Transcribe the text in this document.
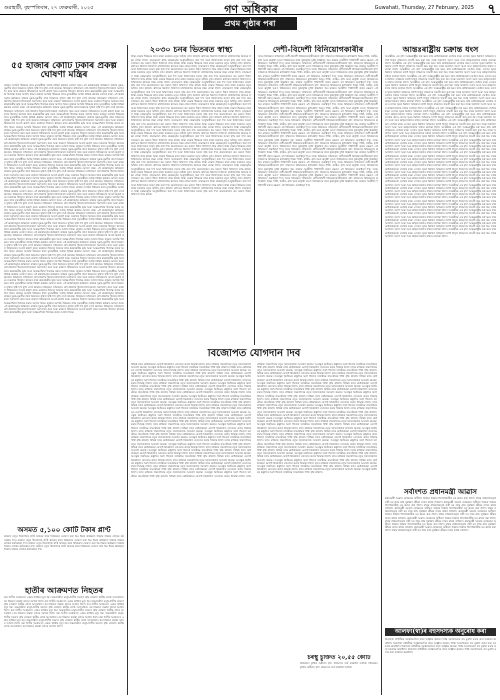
গুৱাহাটী, বৃহস্পতিবাৰ, ২৭ ফেব্ৰুৱাৰী, ২০২৫
দৈনিক
গণ অধিকাৰ	Guwahati, Thursday, 27 February, 2025 ৭
প্ৰথম পৃষ্ঠাৰ পৰা
৫৫ হাজাৰ কোটি টকাৰ প্ৰকল্প ঘোষণা মন্ত্ৰিৰ
ৰাজ্যৰ আৰ্থিক উন্নয়নৰ বাবে মুখ্যমন্ত্ৰীয়ে আজি বিভিন্ন প্ৰকল্পৰ ঘোষণা কৰে। এই প্ৰকল্পসমূহৰ জৰিয়তে ৰাজ্যৰ যুৱক-যুৱতীৰ বাবে নিয়োগৰ সুবিধা সৃষ্টি হ'ব বুলি তেওঁ জানায়। বিনিয়োগ সন্মিলনত দেশ-বিদেশৰ উদ্যোগপতিসকলে অংশগ্ৰহণ কৰে আৰু ৰাজ্যত বিনিয়োগৰ আগ্ৰহ প্ৰকাশ কৰে। চৰকাৰে উদ্যোগ স্থাপনৰ বাবে প্ৰয়োজনীয় ভূমি আৰু আন্তঃগাঁথনি উপলব্ধ কৰাৰ আশ্বাস দিয়ে। ৰাজ্যৰ আৰ্থিক উন্নয়নৰ বাবে মুখ্যমন্ত্ৰীয়ে আজি বিভিন্ন প্ৰকল্পৰ ঘোষণা কৰে। এই প্ৰকল্পসমূহৰ জৰিয়তে ৰাজ্যৰ যুৱক-যুৱতীৰ বাবে নিয়োগৰ সুবিধা সৃষ্টি হ'ব বুলি তেওঁ জানায়। বিনিয়োগ সন্মিলনত দেশ-বিদেশৰ উদ্যোগপতিসকলে অংশগ্ৰহণ কৰে আৰু ৰাজ্যত বিনিয়োগৰ আগ্ৰহ প্ৰকাশ কৰে। চৰকাৰে উদ্যোগ স্থাপনৰ বাবে প্ৰয়োজনীয় ভূমি আৰু আন্তঃগাঁথনি উপলব্ধ কৰাৰ আশ্বাস দিয়ে। ৰাজ্যৰ আৰ্থিক উন্নয়নৰ বাবে মুখ্যমন্ত্ৰীয়ে আজি বিভিন্ন প্ৰকল্পৰ ঘোষণা কৰে। এই প্ৰকল্পসমূহৰ জৰিয়তে ৰাজ্যৰ যুৱক-যুৱতীৰ বাবে নিয়োগৰ সুবিধা সৃষ্টি হ'ব বুলি তেওঁ জানায়। বিনিয়োগ সন্মিলনত দেশ-বিদেশৰ উদ্যোগপতিসকলে অংশগ্ৰহণ কৰে আৰু ৰাজ্যত বিনিয়োগৰ আগ্ৰহ প্ৰকাশ কৰে। চৰকাৰে উদ্যোগ স্থাপনৰ বাবে প্ৰয়োজনীয় ভূমি আৰু আন্তঃগাঁথনি উপলব্ধ কৰাৰ আশ্বাস দিয়ে। ৰাজ্যৰ আৰ্থিক উন্নয়নৰ বাবে মুখ্যমন্ত্ৰীয়ে আজি বিভিন্ন প্ৰকল্পৰ ঘোষণা কৰে। এই প্ৰকল্পসমূহৰ জৰিয়তে ৰাজ্যৰ যুৱক-যুৱতীৰ বাবে নিয়োগৰ সুবিধা সৃষ্টি হ'ব বুলি তেওঁ জানায়। বিনিয়োগ সন্মিলনত দেশ-বিদেশৰ উদ্যোগপতিসকলে অংশগ্ৰহণ কৰে আৰু ৰাজ্যত বিনিয়োগৰ আগ্ৰহ প্ৰকাশ কৰে। চৰকাৰে উদ্যোগ স্থাপনৰ বাবে প্ৰয়োজনীয় ভূমি আৰু আন্তঃগাঁথনি উপলব্ধ কৰাৰ আশ্বাস দিয়ে। ৰাজ্যৰ আৰ্থিক উন্নয়নৰ বাবে মুখ্যমন্ত্ৰীয়ে আজি বিভিন্ন প্ৰকল্পৰ ঘোষণা কৰে। এই প্ৰকল্পসমূহৰ জৰিয়তে ৰাজ্যৰ যুৱক-যুৱতীৰ বাবে নিয়োগৰ সুবিধা সৃষ্টি হ'ব বুলি তেওঁ জানায়। বিনিয়োগ সন্মিলনত দেশ-বিদেশৰ উদ্যোগপতিসকলে অংশগ্ৰহণ কৰে আৰু ৰাজ্যত বিনিয়োগৰ আগ্ৰহ প্ৰকাশ কৰে। চৰকাৰে উদ্যোগ স্থাপনৰ বাবে প্ৰয়োজনীয় ভূমি আৰু আন্তঃগাঁথনি উপলব্ধ কৰাৰ আশ্বাস দিয়ে। ৰাজ্যৰ আৰ্থিক উন্নয়নৰ বাবে মুখ্যমন্ত্ৰীয়ে আজি বিভিন্ন প্ৰকল্পৰ ঘোষণা কৰে। এই প্ৰকল্পসমূহৰ জৰিয়তে ৰাজ্যৰ যুৱক-যুৱতীৰ বাবে নিয়োগৰ সুবিধা সৃষ্টি হ'ব বুলি তেওঁ জানায়। বিনিয়োগ সন্মিলনত দেশ-বিদেশৰ উদ্যোগপতিসকলে অংশগ্ৰহণ কৰে আৰু ৰাজ্যত বিনিয়োগৰ আগ্ৰহ প্ৰকাশ কৰে। চৰকাৰে উদ্যোগ স্থাপনৰ বাবে প্ৰয়োজনীয় ভূমি আৰু আন্তঃগাঁথনি উপলব্ধ কৰাৰ আশ্বাস দিয়ে। ৰাজ্যৰ আৰ্থিক উন্নয়নৰ বাবে মুখ্যমন্ত্ৰীয়ে আজি বিভিন্ন প্ৰকল্পৰ ঘোষণা কৰে। এই প্ৰকল্পসমূহৰ জৰিয়তে ৰাজ্যৰ যুৱক-যুৱতীৰ বাবে নিয়োগৰ সুবিধা সৃষ্টি হ'ব বুলি তেওঁ জানায়। বিনিয়োগ সন্মিলনত দেশ-বিদেশৰ উদ্যোগপতিসকলে অংশগ্ৰহণ কৰে আৰু ৰাজ্যত বিনিয়োগৰ আগ্ৰহ প্ৰকাশ কৰে। চৰকাৰে উদ্যোগ স্থাপনৰ বাবে প্ৰয়োজনীয় ভূমি আৰু আন্তঃগাঁথনি উপলব্ধ কৰাৰ আশ্বাস দিয়ে। ৰাজ্যৰ আৰ্থিক উন্নয়নৰ বাবে মুখ্যমন্ত্ৰীয়ে আজি বিভিন্ন প্ৰকল্পৰ ঘোষণা কৰে। এই প্ৰকল্পসমূহৰ জৰিয়তে ৰাজ্যৰ যুৱক-যুৱতীৰ বাবে নিয়োগৰ সুবিধা সৃষ্টি হ'ব বুলি তেওঁ জানায়। বিনিয়োগ সন্মিলনত দেশ-বিদেশৰ উদ্যোগপতিসকলে অংশগ্ৰহণ কৰে আৰু ৰাজ্যত বিনিয়োগৰ আগ্ৰহ প্ৰকাশ কৰে। চৰকাৰে উদ্যোগ স্থাপনৰ বাবে প্ৰয়োজনীয় ভূমি আৰু আন্তঃগাঁথনি উপলব্ধ কৰাৰ আশ্বাস দিয়ে। ৰাজ্যৰ আৰ্থিক উন্নয়নৰ বাবে মুখ্যমন্ত্ৰীয়ে আজি বিভিন্ন প্ৰকল্পৰ ঘোষণা কৰে। এই প্ৰকল্পসমূহৰ জৰিয়তে ৰাজ্যৰ যুৱক-যুৱতীৰ বাবে নিয়োগৰ সুবিধা সৃষ্টি হ'ব বুলি তেওঁ জানায়। বিনিয়োগ সন্মিলনত দেশ-বিদেশৰ উদ্যোগপতিসকলে অংশগ্ৰহণ কৰে আৰু ৰাজ্যত বিনিয়োগৰ আগ্ৰহ প্ৰকাশ কৰে। চৰকাৰে উদ্যোগ স্থাপনৰ বাবে প্ৰয়োজনীয় ভূমি আৰু আন্তঃগাঁথনি উপলব্ধ কৰাৰ আশ্বাস দিয়ে। ৰাজ্যৰ আৰ্থিক উন্নয়নৰ বাবে মুখ্যমন্ত্ৰীয়ে আজি বিভিন্ন প্ৰকল্পৰ ঘোষণা কৰে। এই প্ৰকল্পসমূহৰ জৰিয়তে ৰাজ্যৰ যুৱক-যুৱতীৰ বাবে নিয়োগৰ সুবিধা সৃষ্টি হ'ব বুলি তেওঁ জানায়। বিনিয়োগ সন্মিলনত দেশ-বিদেশৰ উদ্যোগপতিসকলে অংশগ্ৰহণ কৰে আৰু ৰাজ্যত বিনিয়োগৰ আগ্ৰহ প্ৰকাশ কৰে। চৰকাৰে উদ্যোগ স্থাপনৰ বাবে প্ৰয়োজনীয় ভূমি আৰু আন্তঃগাঁথনি উপলব্ধ কৰাৰ আশ্বাস দিয়ে। ৰাজ্যৰ আৰ্থিক উন্নয়নৰ বাবে মুখ্যমন্ত্ৰীয়ে আজি বিভিন্ন প্ৰকল্পৰ ঘোষণা কৰে। এই প্ৰকল্পসমূহৰ জৰিয়তে ৰাজ্যৰ যুৱক-যুৱতীৰ বাবে নিয়োগৰ সুবিধা সৃষ্টি হ'ব বুলি তেওঁ জানায়। বিনিয়োগ সন্মিলনত দেশ-বিদেশৰ উদ্যোগপতিসকলে অংশগ্ৰহণ কৰে আৰু ৰাজ্যত বিনিয়োগৰ আগ্ৰহ প্ৰকাশ কৰে। চৰকাৰে উদ্যোগ স্থাপনৰ বাবে প্ৰয়োজনীয় ভূমি আৰু আন্তঃগাঁথনি উপলব্ধ কৰাৰ আশ্বাস দিয়ে। ৰাজ্যৰ আৰ্থিক উন্নয়নৰ বাবে মুখ্যমন্ত্ৰীয়ে আজি বিভিন্ন প্ৰকল্পৰ ঘোষণা কৰে। এই প্ৰকল্পসমূহৰ জৰিয়তে ৰাজ্যৰ যুৱক-যুৱতীৰ বাবে নিয়োগৰ সুবিধা সৃষ্টি হ'ব বুলি তেওঁ জানায়। বিনিয়োগ সন্মিলনত দেশ-বিদেশৰ উদ্যোগপতিসকলে অংশগ্ৰহণ কৰে আৰু ৰাজ্যত বিনিয়োগৰ আগ্ৰহ প্ৰকাশ কৰে। চৰকাৰে উদ্যোগ স্থাপনৰ বাবে প্ৰয়োজনীয় ভূমি আৰু আন্তঃগাঁথনি উপলব্ধ কৰাৰ আশ্বাস দিয়ে। ৰাজ্যৰ আৰ্থিক উন্নয়নৰ বাবে মুখ্যমন্ত্ৰীয়ে আজি বিভিন্ন প্ৰকল্পৰ ঘোষণা কৰে। এই প্ৰকল্পসমূহৰ জৰিয়তে ৰাজ্যৰ যুৱক-যুৱতীৰ বাবে নিয়োগৰ সুবিধা সৃষ্টি হ'ব বুলি তেওঁ জানায়। বিনিয়োগ সন্মিলনত দেশ-বিদেশৰ উদ্যোগপতিসকলে অংশগ্ৰহণ কৰে আৰু ৰাজ্যত বিনিয়োগৰ আগ্ৰহ প্ৰকাশ কৰে। চৰকাৰে উদ্যোগ স্থাপনৰ বাবে প্ৰয়োজনীয় ভূমি আৰু আন্তঃগাঁথনি উপলব্ধ কৰাৰ আশ্বাস দিয়ে। ৰাজ্যৰ আৰ্থিক উন্নয়নৰ বাবে মুখ্যমন্ত্ৰীয়ে আজি বিভিন্ন প্ৰকল্পৰ ঘোষণা কৰে। এই প্ৰকল্পসমূহৰ জৰিয়তে ৰাজ্যৰ যুৱক-যুৱতীৰ বাবে নিয়োগৰ সুবিধা সৃষ্টি হ'ব বুলি তেওঁ জানায়। বিনিয়োগ সন্মিলনত দেশ-বিদেশৰ উদ্যোগপতিসকলে অংশগ্ৰহণ কৰে আৰু ৰাজ্যত বিনিয়োগৰ আগ্ৰহ প্ৰকাশ কৰে। চৰকাৰে উদ্যোগ স্থাপনৰ বাবে প্ৰয়োজনীয় ভূমি আৰু আন্তঃগাঁথনি উপলব্ধ কৰাৰ আশ্বাস দিয়ে। ৰাজ্যৰ আৰ্থিক উন্নয়নৰ বাবে মুখ্যমন্ত্ৰীয়ে আজি বিভিন্ন প্ৰকল্পৰ ঘোষণা কৰে। এই প্ৰকল্পসমূহৰ জৰিয়তে ৰাজ্যৰ যুৱক-যুৱতীৰ বাবে নিয়োগৰ সুবিধা সৃষ্টি হ'ব বুলি তেওঁ জানায়। বিনিয়োগ সন্মিলনত দেশ-বিদেশৰ উদ্যোগপতিসকলে অংশগ্ৰহণ কৰে আৰু ৰাজ্যত বিনিয়োগৰ আগ্ৰহ প্ৰকাশ কৰে। চৰকাৰে উদ্যোগ স্থাপনৰ বাবে প্ৰয়োজনীয় ভূমি আৰু আন্তঃগাঁথনি উপলব্ধ কৰাৰ আশ্বাস দিয়ে। ৰাজ্যৰ আৰ্থিক উন্নয়নৰ বাবে মুখ্যমন্ত্ৰীয়ে আজি বিভিন্ন প্ৰকল্পৰ ঘোষণা কৰে। এই প্ৰকল্পসমূহৰ জৰিয়তে ৰাজ্যৰ যুৱক-যুৱতীৰ বাবে নিয়োগৰ সুবিধা সৃষ্টি হ'ব বুলি তেওঁ জানায়। বিনিয়োগ সন্মিলনত দেশ-বিদেশৰ উদ্যোগপতিসকলে অংশগ্ৰহণ কৰে আৰু ৰাজ্যত বিনিয়োগৰ আগ্ৰহ প্ৰকাশ কৰে। চৰকাৰে উদ্যোগ স্থাপনৰ বাবে প্ৰয়োজনীয় ভূমি আৰু আন্তঃগাঁথনি উপলব্ধ কৰাৰ আশ্বাস দিয়ে। ৰাজ্যৰ আৰ্থিক উন্নয়নৰ বাবে মুখ্যমন্ত্ৰীয়ে আজি বিভিন্ন প্ৰকল্পৰ ঘোষণা কৰে। এই প্ৰকল্পসমূহৰ জৰিয়তে ৰাজ্যৰ যুৱক-যুৱতীৰ বাবে নিয়োগৰ সুবিধা সৃষ্টি হ'ব বুলি তেওঁ জানায়। বিনিয়োগ সন্মিলনত দেশ-বিদেশৰ উদ্যোগপতিসকলে অংশগ্ৰহণ কৰে আৰু ৰাজ্যত বিনিয়োগৰ আগ্ৰহ প্ৰকাশ কৰে। চৰকাৰে উদ্যোগ স্থাপনৰ বাবে প্ৰয়োজনীয় ভূমি আৰু আন্তঃগাঁথনি উপলব্ধ কৰাৰ আশ্বাস দিয়ে। ৰাজ্যৰ আৰ্থিক উন্নয়নৰ বাবে মুখ্যমন্ত্ৰীয়ে আজি বিভিন্ন প্ৰকল্পৰ ঘোষণা কৰে। এই প্ৰকল্পসমূহৰ জৰিয়তে ৰাজ্যৰ যুৱক-যুৱতীৰ বাবে নিয়োগৰ সুবিধা সৃষ্টি হ'ব বুলি তেওঁ জানায়। বিনিয়োগ সন্মিলনত দেশ-বিদেশৰ উদ্যোগপতিসকলে অংশগ্ৰহণ কৰে আৰু ৰাজ্যত বিনিয়োগৰ আগ্ৰহ প্ৰকাশ কৰে। চৰকাৰে উদ্যোগ স্থাপনৰ বাবে প্ৰয়োজনীয় ভূমি আৰু আন্তঃগাঁথনি উপলব্ধ কৰাৰ আশ্বাস দিয়ে। ৰাজ্যৰ আৰ্থিক উন্নয়নৰ বাবে মুখ্যমন্ত্ৰীয়ে আজি বিভিন্ন প্ৰকল্পৰ ঘোষণা কৰে। এই প্ৰকল্পসমূহৰ জৰিয়তে ৰাজ্যৰ যুৱক-যুৱতীৰ বাবে নিয়োগৰ সুবিধা সৃষ্টি হ'ব বুলি তেওঁ জানায়। বিনিয়োগ সন্মিলনত দেশ-বিদেশৰ উদ্যোগপতিসকলে অংশগ্ৰহণ কৰে আৰু ৰাজ্যত বিনিয়োগৰ আগ্ৰহ প্ৰকাশ কৰে। চৰকাৰে উদ্যোগ স্থাপনৰ বাবে প্ৰয়োজনীয় ভূমি আৰু আন্তঃগাঁথনি উপলব্ধ কৰাৰ আশ্বাস দিয়ে। ৰাজ্যৰ আৰ্থিক উন্নয়নৰ বাবে মুখ্যমন্ত্ৰীয়ে আজি বিভিন্ন প্ৰকল্পৰ ঘোষণা কৰে। এই প্ৰকল্পসমূহৰ জৰিয়তে ৰাজ্যৰ যুৱক-যুৱতীৰ বাবে নিয়োগৰ সুবিধা সৃষ্টি হ'ব বুলি তেওঁ জানায়। বিনিয়োগ সন্মিলনত দেশ-বিদেশৰ উদ্যোগপতিসকলে অংশগ্ৰহণ কৰে আৰু ৰাজ্যত বিনিয়োগৰ আগ্ৰহ প্ৰকাশ কৰে। চৰকাৰে উদ্যোগ স্থাপনৰ বাবে প্ৰয়োজনীয় ভূমি আৰু আন্তঃগাঁথনি উপলব্ধ কৰাৰ আশ্বাস দিয়ে। ৰাজ্যৰ আৰ্থিক উন্নয়নৰ বাবে মুখ্যমন্ত্ৰীয়ে আজি বিভিন্ন প্ৰকল্পৰ ঘোষণা কৰে। এই প্ৰকল্পসমূহৰ জৰিয়তে ৰাজ্যৰ যুৱক-যুৱতীৰ বাবে নিয়োগৰ সুবিধা সৃষ্টি হ'ব বুলি তেওঁ জানায়। বিনিয়োগ সন্মিলনত দেশ-বিদেশৰ উদ্যোগপতিসকলে অংশগ্ৰহণ কৰে আৰু ৰাজ্যত বিনিয়োগৰ আগ্ৰহ প্ৰকাশ কৰে। চৰকাৰে উদ্যোগ স্থাপনৰ বাবে প্ৰয়োজনীয় ভূমি আৰু আন্তঃগাঁথনি উপলব্ধ কৰাৰ আশ্বাস দিয়ে। ৰাজ্যৰ আৰ্থিক উন্নয়নৰ বাবে মুখ্যমন্ত্ৰীয়ে আজি বিভিন্ন প্ৰকল্পৰ ঘোষণা কৰে। এই প্ৰকল্পসমূহৰ জৰিয়তে ৰাজ্যৰ যুৱক-যুৱতীৰ বাবে নিয়োগৰ সুবিধা সৃষ্টি হ'ব বুলি তেওঁ জানায়। বিনিয়োগ সন্মিলনত দেশ-বিদেশৰ উদ্যোগপতিসকলে অংশগ্ৰহণ কৰে আৰু ৰাজ্যত বিনিয়োগৰ আগ্ৰহ প্ৰকাশ কৰে। চৰকাৰে উদ্যোগ স্থাপনৰ বাবে প্ৰয়োজনীয় ভূমি আৰু আন্তঃগাঁথনি উপলব্ধ কৰাৰ আশ্বাস দিয়ে।
অসমত ৫,১০০ কোটি টকাৰ প্লাণ্ট
ৰাজ্যত নতুন উদ্যোগিক প্লাণ্ট স্থাপনৰ বাবে বিনিয়োগ ঘোষণা কৰা হয়। ইয়াৰ জৰিয়তে হাজাৰ হাজাৰ লোকৰ কৰ্মসংস্থান হ'ব। ৰাজ্যত নতুন উদ্যোগিক প্লাণ্ট স্থাপনৰ বাবে বিনিয়োগ ঘোষণা কৰা হয়। ইয়াৰ জৰিয়তে হাজাৰ হাজাৰ লোকৰ কৰ্মসংস্থান হ'ব। ৰাজ্যত নতুন উদ্যোগিক প্লাণ্ট স্থাপনৰ বাবে বিনিয়োগ ঘোষণা কৰা হয়। ইয়াৰ জৰিয়তে হাজাৰ হাজাৰ লোকৰ কৰ্মসংস্থান হ'ব। ৰাজ্যত নতুন উদ্যোগিক প্লাণ্ট স্থাপনৰ বাবে বিনিয়োগ ঘোষণা কৰা হয়। ইয়াৰ জৰিয়তে হাজাৰ হাজাৰ লোকৰ কৰ্মসংস্থান হ'ব।
হাতীৰ আক্ৰমণত নিহতৰ
বন্য হাতীৰ আক্ৰমণত এজন ব্যক্তিৰ মৃত্যু হয়। অঞ্চলটোত মানুহ-হাতীৰ সংঘাত বৃদ্ধি পোৱাত স্থানীয় লোক আতংকিত। বন বিভাগে ব্যৱস্থা গ্ৰহণৰ আশ্বাস দিছে। বন্য হাতীৰ আক্ৰমণত এজন ব্যক্তিৰ মৃত্যু হয়। অঞ্চলটোত মানুহ-হাতীৰ সংঘাত বৃদ্ধি পোৱাত স্থানীয় লোক আতংকিত। বন বিভাগে ব্যৱস্থা গ্ৰহণৰ আশ্বাস দিছে। বন্য হাতীৰ আক্ৰমণত এজন ব্যক্তিৰ মৃত্যু হয়। অঞ্চলটোত মানুহ-হাতীৰ সংঘাত বৃদ্ধি পোৱাত স্থানীয় লোক আতংকিত। বন বিভাগে ব্যৱস্থা গ্ৰহণৰ আশ্বাস দিছে। বন্য হাতীৰ আক্ৰমণত এজন ব্যক্তিৰ মৃত্যু হয়। অঞ্চলটোত মানুহ-হাতীৰ সংঘাত বৃদ্ধি পোৱাত স্থানীয় লোক আতংকিত। বন বিভাগে ব্যৱস্থা গ্ৰহণৰ আশ্বাস দিছে। বন্য হাতীৰ আক্ৰমণত এজন ব্যক্তিৰ মৃত্যু হয়। অঞ্চলটোত মানুহ-হাতীৰ সংঘাত বৃদ্ধি পোৱাত স্থানীয় লোক আতংকিত। বন বিভাগে ব্যৱস্থা গ্ৰহণৰ আশ্বাস দিছে। বন্য হাতীৰ আক্ৰমণত এজন ব্যক্তিৰ মৃত্যু হয়। অঞ্চলটোত মানুহ-হাতীৰ সংঘাত বৃদ্ধি পোৱাত স্থানীয় লোক আতংকিত। বন বিভাগে ব্যৱস্থা গ্ৰহণৰ আশ্বাস দিছে। বন্য হাতীৰ আক্ৰমণত এজন ব্যক্তিৰ মৃত্যু হয়। অঞ্চলটোত মানুহ-হাতীৰ সংঘাত বৃদ্ধি পোৱাত স্থানীয় লোক আতংকিত। বন বিভাগে ব্যৱস্থা গ্ৰহণৰ আশ্বাস দিছে।
২০৩০ চনৰ ভিতৰত স্বাস্থ্য
স্বাস্থ্য সেৱাৰ উন্নয়নৰ বাবে ৰাজ্য চৰকাৰে নতুন আঁচনি গ্ৰহণ কৰিছে। প্ৰতিখন জিলাত চিকিৎসা মহাবিদ্যালয় স্থাপনৰ লক্ষ্য লোৱা হৈছে। গ্ৰামাঞ্চলত স্বাস্থ্য কেন্দ্ৰসমূহৰ আধুনিকীকৰণ কৰা হ'ব আৰু চিকিৎসকৰ সংখ্যা বৃদ্ধি কৰা হ'ব। জনসাধাৰণে কম খৰচত উন্নত চিকিৎসা লাভ কৰিব। স্বাস্থ্য সেৱাৰ উন্নয়নৰ বাবে ৰাজ্য চৰকাৰে নতুন আঁচনি গ্ৰহণ কৰিছে। প্ৰতিখন জিলাত চিকিৎসা মহাবিদ্যালয় স্থাপনৰ লক্ষ্য লোৱা হৈছে। গ্ৰামাঞ্চলত স্বাস্থ্য কেন্দ্ৰসমূহৰ আধুনিকীকৰণ কৰা হ'ব আৰু চিকিৎসকৰ সংখ্যা বৃদ্ধি কৰা হ'ব। জনসাধাৰণে কম খৰচত উন্নত চিকিৎসা লাভ কৰিব। স্বাস্থ্য সেৱাৰ উন্নয়নৰ বাবে ৰাজ্য চৰকাৰে নতুন আঁচনি গ্ৰহণ কৰিছে। প্ৰতিখন জিলাত চিকিৎসা মহাবিদ্যালয় স্থাপনৰ লক্ষ্য লোৱা হৈছে। গ্ৰামাঞ্চলত স্বাস্থ্য কেন্দ্ৰসমূহৰ আধুনিকীকৰণ কৰা হ'ব আৰু চিকিৎসকৰ সংখ্যা বৃদ্ধি কৰা হ'ব। জনসাধাৰণে কম খৰচত উন্নত চিকিৎসা লাভ কৰিব। স্বাস্থ্য সেৱাৰ উন্নয়নৰ বাবে ৰাজ্য চৰকাৰে নতুন আঁচনি গ্ৰহণ কৰিছে। প্ৰতিখন জিলাত চিকিৎসা মহাবিদ্যালয় স্থাপনৰ লক্ষ্য লোৱা হৈছে। গ্ৰামাঞ্চলত স্বাস্থ্য কেন্দ্ৰসমূহৰ আধুনিকীকৰণ কৰা হ'ব আৰু চিকিৎসকৰ সংখ্যা বৃদ্ধি কৰা হ'ব। জনসাধাৰণে কম খৰচত উন্নত চিকিৎসা লাভ কৰিব। স্বাস্থ্য সেৱাৰ উন্নয়নৰ বাবে ৰাজ্য চৰকাৰে নতুন আঁচনি গ্ৰহণ কৰিছে। প্ৰতিখন জিলাত চিকিৎসা মহাবিদ্যালয় স্থাপনৰ লক্ষ্য লোৱা হৈছে। গ্ৰামাঞ্চলত স্বাস্থ্য কেন্দ্ৰসমূহৰ আধুনিকীকৰণ কৰা হ'ব আৰু চিকিৎসকৰ সংখ্যা বৃদ্ধি কৰা হ'ব। জনসাধাৰণে কম খৰচত উন্নত চিকিৎসা লাভ কৰিব। স্বাস্থ্য সেৱাৰ উন্নয়নৰ বাবে ৰাজ্য চৰকাৰে নতুন আঁচনি গ্ৰহণ কৰিছে। প্ৰতিখন জিলাত চিকিৎসা মহাবিদ্যালয় স্থাপনৰ লক্ষ্য লোৱা হৈছে। গ্ৰামাঞ্চলত স্বাস্থ্য কেন্দ্ৰসমূহৰ আধুনিকীকৰণ কৰা হ'ব আৰু চিকিৎসকৰ সংখ্যা বৃদ্ধি কৰা হ'ব। জনসাধাৰণে কম খৰচত উন্নত চিকিৎসা লাভ কৰিব। স্বাস্থ্য সেৱাৰ উন্নয়নৰ বাবে ৰাজ্য চৰকাৰে নতুন আঁচনি গ্ৰহণ কৰিছে। প্ৰতিখন জিলাত চিকিৎসা মহাবিদ্যালয় স্থাপনৰ লক্ষ্য লোৱা হৈছে। গ্ৰামাঞ্চলত স্বাস্থ্য কেন্দ্ৰসমূহৰ আধুনিকীকৰণ কৰা হ'ব আৰু চিকিৎসকৰ সংখ্যা বৃদ্ধি কৰা হ'ব। জনসাধাৰণে কম খৰচত উন্নত চিকিৎসা লাভ কৰিব। স্বাস্থ্য সেৱাৰ উন্নয়নৰ বাবে ৰাজ্য চৰকাৰে নতুন আঁচনি গ্ৰহণ কৰিছে। প্ৰতিখন জিলাত চিকিৎসা মহাবিদ্যালয় স্থাপনৰ লক্ষ্য লোৱা হৈছে। গ্ৰামাঞ্চলত স্বাস্থ্য কেন্দ্ৰসমূহৰ আধুনিকীকৰণ কৰা হ'ব আৰু চিকিৎসকৰ সংখ্যা বৃদ্ধি কৰা হ'ব। জনসাধাৰণে কম খৰচত উন্নত চিকিৎসা লাভ কৰিব। স্বাস্থ্য সেৱাৰ উন্নয়নৰ বাবে ৰাজ্য চৰকাৰে নতুন আঁচনি গ্ৰহণ কৰিছে। প্ৰতিখন জিলাত চিকিৎসা মহাবিদ্যালয় স্থাপনৰ লক্ষ্য লোৱা হৈছে। গ্ৰামাঞ্চলত স্বাস্থ্য কেন্দ্ৰসমূহৰ আধুনিকীকৰণ কৰা হ'ব আৰু চিকিৎসকৰ সংখ্যা বৃদ্ধি কৰা হ'ব। জনসাধাৰণে কম খৰচত উন্নত চিকিৎসা লাভ কৰিব। স্বাস্থ্য সেৱাৰ উন্নয়নৰ বাবে ৰাজ্য চৰকাৰে নতুন আঁচনি গ্ৰহণ কৰিছে। প্ৰতিখন জিলাত চিকিৎসা মহাবিদ্যালয় স্থাপনৰ লক্ষ্য লোৱা হৈছে। গ্ৰামাঞ্চলত স্বাস্থ্য কেন্দ্ৰসমূহৰ আধুনিকীকৰণ কৰা হ'ব আৰু চিকিৎসকৰ সংখ্যা বৃদ্ধি কৰা হ'ব। জনসাধাৰণে কম খৰচত উন্নত চিকিৎসা লাভ কৰিব। স্বাস্থ্য সেৱাৰ উন্নয়নৰ বাবে ৰাজ্য চৰকাৰে নতুন আঁচনি গ্ৰহণ কৰিছে। প্ৰতিখন জিলাত চিকিৎসা মহাবিদ্যালয় স্থাপনৰ লক্ষ্য লোৱা হৈছে। গ্ৰামাঞ্চলত স্বাস্থ্য কেন্দ্ৰসমূহৰ আধুনিকীকৰণ কৰা হ'ব আৰু চিকিৎসকৰ সংখ্যা বৃদ্ধি কৰা হ'ব। জনসাধাৰণে কম খৰচত উন্নত চিকিৎসা লাভ কৰিব। স্বাস্থ্য সেৱাৰ উন্নয়নৰ বাবে ৰাজ্য চৰকাৰে নতুন আঁচনি গ্ৰহণ কৰিছে। প্ৰতিখন জিলাত চিকিৎসা মহাবিদ্যালয় স্থাপনৰ লক্ষ্য লোৱা হৈছে। গ্ৰামাঞ্চলত স্বাস্থ্য কেন্দ্ৰসমূহৰ আধুনিকীকৰণ কৰা হ'ব আৰু চিকিৎসকৰ সংখ্যা বৃদ্ধি কৰা হ'ব। জনসাধাৰণে কম খৰচত উন্নত চিকিৎসা লাভ কৰিব। স্বাস্থ্য সেৱাৰ উন্নয়নৰ বাবে ৰাজ্য চৰকাৰে নতুন আঁচনি গ্ৰহণ কৰিছে। প্ৰতিখন জিলাত চিকিৎসা মহাবিদ্যালয় স্থাপনৰ লক্ষ্য লোৱা হৈছে। গ্ৰামাঞ্চলত স্বাস্থ্য কেন্দ্ৰসমূহৰ আধুনিকীকৰণ কৰা হ'ব আৰু চিকিৎসকৰ সংখ্যা বৃদ্ধি কৰা হ'ব। জনসাধাৰণে কম খৰচত উন্নত চিকিৎসা লাভ কৰিব। স্বাস্থ্য সেৱাৰ উন্নয়নৰ বাবে ৰাজ্য চৰকাৰে নতুন আঁচনি গ্ৰহণ কৰিছে। প্ৰতিখন জিলাত চিকিৎসা মহাবিদ্যালয় স্থাপনৰ লক্ষ্য লোৱা হৈছে। গ্ৰামাঞ্চলত স্বাস্থ্য কেন্দ্ৰসমূহৰ আধুনিকীকৰণ কৰা হ'ব আৰু চিকিৎসকৰ সংখ্যা বৃদ্ধি কৰা হ'ব। জনসাধাৰণে কম খৰচত উন্নত চিকিৎসা লাভ কৰিব। স্বাস্থ্য সেৱাৰ উন্নয়নৰ বাবে ৰাজ্য চৰকাৰে নতুন আঁচনি গ্ৰহণ কৰিছে। প্ৰতিখন জিলাত চিকিৎসা মহাবিদ্যালয় স্থাপনৰ লক্ষ্য লোৱা হৈছে। গ্ৰামাঞ্চলত স্বাস্থ্য কেন্দ্ৰসমূহৰ আধুনিকীকৰণ কৰা হ'ব আৰু চিকিৎসকৰ সংখ্যা বৃদ্ধি কৰা হ'ব। জনসাধাৰণে কম খৰচত উন্নত চিকিৎসা লাভ কৰিব। স্বাস্থ্য সেৱাৰ উন্নয়নৰ বাবে ৰাজ্য চৰকাৰে নতুন আঁচনি গ্ৰহণ কৰিছে। প্ৰতিখন জিলাত চিকিৎসা মহাবিদ্যালয় স্থাপনৰ লক্ষ্য লোৱা হৈছে। গ্ৰামাঞ্চলত স্বাস্থ্য কেন্দ্ৰসমূহৰ আধুনিকীকৰণ কৰা হ'ব আৰু চিকিৎসকৰ সংখ্যা বৃদ্ধি কৰা হ'ব। জনসাধাৰণে কম খৰচত উন্নত চিকিৎসা লাভ কৰিব। স্বাস্থ্য সেৱাৰ উন্নয়নৰ বাবে ৰাজ্য চৰকাৰে নতুন আঁচনি গ্ৰহণ কৰিছে। প্ৰতিখন জিলাত চিকিৎসা মহাবিদ্যালয় স্থাপনৰ লক্ষ্য লোৱা হৈছে। গ্ৰামাঞ্চলত স্বাস্থ্য কেন্দ্ৰসমূহৰ আধুনিকীকৰণ কৰা হ'ব আৰু চিকিৎসকৰ সংখ্যা বৃদ্ধি কৰা হ'ব। জনসাধাৰণে কম খৰচত উন্নত চিকিৎসা লাভ কৰিব। স্বাস্থ্য সেৱাৰ উন্নয়নৰ বাবে ৰাজ্য চৰকাৰে নতুন আঁচনি গ্ৰহণ কৰিছে। প্ৰতিখন জিলাত চিকিৎসা মহাবিদ্যালয় স্থাপনৰ লক্ষ্য লোৱা হৈছে। গ্ৰামাঞ্চলত স্বাস্থ্য কেন্দ্ৰসমূহৰ আধুনিকীকৰণ কৰা হ'ব আৰু চিকিৎসকৰ সংখ্যা বৃদ্ধি কৰা হ'ব। জনসাধাৰণে কম খৰচত উন্নত চিকিৎসা লাভ কৰিব।
বিজেপিত যোগদান দিব
বিভিন্ন দলৰ কেইবাজনো নেতাই বিজেপিত যোগদান কৰাৰ সিদ্ধান্ত লৈছে। দলৰ ৰাজ্যিক সভাপতিয়ে নতুন সদস্যসকলক আদৰণি জনায়। আগন্তুক নিৰ্বাচনৰ প্ৰস্তুতিৰ অংশ হিচাপে দলটোৱে সাংগঠনিক শক্তি বৃদ্ধি কৰিছে। বিভিন্ন দলৰ কেইবাজনো নেতাই বিজেপিত যোগদান কৰাৰ সিদ্ধান্ত লৈছে। দলৰ ৰাজ্যিক সভাপতিয়ে নতুন সদস্যসকলক আদৰণি জনায়। আগন্তুক নিৰ্বাচনৰ প্ৰস্তুতিৰ অংশ হিচাপে দলটোৱে সাংগঠনিক শক্তি বৃদ্ধি কৰিছে। বিভিন্ন দলৰ কেইবাজনো নেতাই বিজেপিত যোগদান কৰাৰ সিদ্ধান্ত লৈছে। দলৰ ৰাজ্যিক সভাপতিয়ে নতুন সদস্যসকলক আদৰণি জনায়। আগন্তুক নিৰ্বাচনৰ প্ৰস্তুতিৰ অংশ হিচাপে দলটোৱে সাংগঠনিক শক্তি বৃদ্ধি কৰিছে। বিভিন্ন দলৰ কেইবাজনো নেতাই বিজেপিত যোগদান কৰাৰ সিদ্ধান্ত লৈছে। দলৰ ৰাজ্যিক সভাপতিয়ে নতুন সদস্যসকলক আদৰণি জনায়। আগন্তুক নিৰ্বাচনৰ প্ৰস্তুতিৰ অংশ হিচাপে দলটোৱে সাংগঠনিক শক্তি বৃদ্ধি কৰিছে। বিভিন্ন দলৰ কেইবাজনো নেতাই বিজেপিত যোগদান কৰাৰ সিদ্ধান্ত লৈছে। দলৰ ৰাজ্যিক সভাপতিয়ে নতুন সদস্যসকলক আদৰণি জনায়। আগন্তুক নিৰ্বাচনৰ প্ৰস্তুতিৰ অংশ হিচাপে দলটোৱে সাংগঠনিক শক্তি বৃদ্ধি কৰিছে। বিভিন্ন দলৰ কেইবাজনো নেতাই বিজেপিত যোগদান কৰাৰ সিদ্ধান্ত লৈছে। দলৰ ৰাজ্যিক সভাপতিয়ে নতুন সদস্যসকলক আদৰণি জনায়। আগন্তুক নিৰ্বাচনৰ প্ৰস্তুতিৰ অংশ হিচাপে দলটোৱে সাংগঠনিক শক্তি বৃদ্ধি কৰিছে। বিভিন্ন দলৰ কেইবাজনো নেতাই বিজেপিত যোগদান কৰাৰ সিদ্ধান্ত লৈছে। দলৰ ৰাজ্যিক সভাপতিয়ে নতুন সদস্যসকলক আদৰণি জনায়। আগন্তুক নিৰ্বাচনৰ প্ৰস্তুতিৰ অংশ হিচাপে দলটোৱে সাংগঠনিক শক্তি বৃদ্ধি কৰিছে। বিভিন্ন দলৰ কেইবাজনো নেতাই বিজেপিত যোগদান কৰাৰ সিদ্ধান্ত লৈছে। দলৰ ৰাজ্যিক সভাপতিয়ে নতুন সদস্যসকলক আদৰণি জনায়। আগন্তুক নিৰ্বাচনৰ প্ৰস্তুতিৰ অংশ হিচাপে দলটোৱে সাংগঠনিক শক্তি বৃদ্ধি কৰিছে। বিভিন্ন দলৰ কেইবাজনো নেতাই বিজেপিত যোগদান কৰাৰ সিদ্ধান্ত লৈছে। দলৰ ৰাজ্যিক সভাপতিয়ে নতুন সদস্যসকলক আদৰণি জনায়। আগন্তুক নিৰ্বাচনৰ প্ৰস্তুতিৰ অংশ হিচাপে দলটোৱে সাংগঠনিক শক্তি বৃদ্ধি কৰিছে। বিভিন্ন দলৰ কেইবাজনো নেতাই বিজেপিত যোগদান কৰাৰ সিদ্ধান্ত লৈছে। দলৰ ৰাজ্যিক সভাপতিয়ে নতুন সদস্যসকলক আদৰণি জনায়। আগন্তুক নিৰ্বাচনৰ প্ৰস্তুতিৰ অংশ হিচাপে দলটোৱে সাংগঠনিক শক্তি বৃদ্ধি কৰিছে। বিভিন্ন দলৰ কেইবাজনো নেতাই বিজেপিত যোগদান কৰাৰ সিদ্ধান্ত লৈছে। দলৰ ৰাজ্যিক সভাপতিয়ে নতুন সদস্যসকলক আদৰণি জনায়। আগন্তুক নিৰ্বাচনৰ প্ৰস্তুতিৰ অংশ হিচাপে দলটোৱে সাংগঠনিক শক্তি বৃদ্ধি কৰিছে। বিভিন্ন দলৰ কেইবাজনো নেতাই বিজেপিত যোগদান কৰাৰ সিদ্ধান্ত লৈছে। দলৰ ৰাজ্যিক সভাপতিয়ে নতুন সদস্যসকলক আদৰণি জনায়। আগন্তুক নিৰ্বাচনৰ প্ৰস্তুতিৰ অংশ হিচাপে দলটোৱে সাংগঠনিক শক্তি বৃদ্ধি কৰিছে। বিভিন্ন দলৰ কেইবাজনো নেতাই বিজেপিত যোগদান কৰাৰ সিদ্ধান্ত লৈছে। দলৰ ৰাজ্যিক সভাপতিয়ে নতুন সদস্যসকলক আদৰণি জনায়। আগন্তুক নিৰ্বাচনৰ প্ৰস্তুতিৰ অংশ হিচাপে দলটোৱে সাংগঠনিক শক্তি বৃদ্ধি কৰিছে। বিভিন্ন দলৰ কেইবাজনো নেতাই বিজেপিত যোগদান কৰাৰ সিদ্ধান্ত লৈছে। দলৰ ৰাজ্যিক সভাপতিয়ে নতুন সদস্যসকলক আদৰণি জনায়। আগন্তুক নিৰ্বাচনৰ প্ৰস্তুতিৰ অংশ হিচাপে দলটোৱে সাংগঠনিক শক্তি বৃদ্ধি কৰিছে। বিভিন্ন দলৰ কেইবাজনো নেতাই বিজেপিত যোগদান কৰাৰ সিদ্ধান্ত লৈছে। দলৰ ৰাজ্যিক সভাপতিয়ে নতুন সদস্যসকলক আদৰণি জনায়। আগন্তুক নিৰ্বাচনৰ প্ৰস্তুতিৰ অংশ হিচাপে দলটোৱে সাংগঠনিক শক্তি বৃদ্ধি কৰিছে। বিভিন্ন দলৰ কেইবাজনো নেতাই বিজেপিত যোগদান কৰাৰ সিদ্ধান্ত লৈছে। দলৰ ৰাজ্যিক সভাপতিয়ে নতুন সদস্যসকলক আদৰণি জনায়। আগন্তুক নিৰ্বাচনৰ প্ৰস্তুতিৰ অংশ হিচাপে দলটোৱে সাংগঠনিক শক্তি বৃদ্ধি কৰিছে। বিভিন্ন দলৰ কেইবাজনো নেতাই বিজেপিত যোগদান কৰাৰ সিদ্ধান্ত লৈছে। দলৰ ৰাজ্যিক সভাপতিয়ে নতুন সদস্যসকলক আদৰণি জনায়। আগন্তুক নিৰ্বাচনৰ প্ৰস্তুতিৰ অংশ হিচাপে দলটোৱে সাংগঠনিক শক্তি বৃদ্ধি কৰিছে। বিভিন্ন দলৰ কেইবাজনো নেতাই বিজেপিত যোগদান কৰাৰ সিদ্ধান্ত লৈছে। দলৰ ৰাজ্যিক সভাপতিয়ে নতুন সদস্যসকলক আদৰণি জনায়। আগন্তুক নিৰ্বাচনৰ প্ৰস্তুতিৰ অংশ হিচাপে দলটোৱে সাংগঠনিক শক্তি বৃদ্ধি কৰিছে। বিভিন্ন দলৰ কেইবাজনো নেতাই বিজেপিত যোগদান কৰাৰ সিদ্ধান্ত লৈছে। দলৰ ৰাজ্যিক সভাপতিয়ে নতুন সদস্যসকলক আদৰণি জনায়। আগন্তুক নিৰ্বাচনৰ প্ৰস্তুতিৰ অংশ হিচাপে দলটোৱে সাংগঠনিক শক্তি বৃদ্ধি কৰিছে। বিভিন্ন দলৰ কেইবাজনো নেতাই বিজেপিত যোগদান কৰাৰ সিদ্ধান্ত লৈছে। দলৰ ৰাজ্যিক সভাপতিয়ে নতুন সদস্যসকলক আদৰণি জনায়। আগন্তুক নিৰ্বাচনৰ প্ৰস্তুতিৰ অংশ হিচাপে দলটোৱে সাংগঠনিক শক্তি বৃদ্ধি কৰিছে। বিভিন্ন দলৰ কেইবাজনো নেতাই বিজেপিত যোগদান কৰাৰ সিদ্ধান্ত লৈছে। দলৰ ৰাজ্যিক সভাপতিয়ে নতুন সদস্যসকলক আদৰণি জনায়। আগন্তুক নিৰ্বাচনৰ প্ৰস্তুতিৰ অংশ হিচাপে দলটোৱে সাংগঠনিক শক্তি বৃদ্ধি কৰিছে। বিভিন্ন দলৰ কেইবাজনো নেতাই বিজেপিত যোগদান কৰাৰ সিদ্ধান্ত লৈছে। দলৰ ৰাজ্যিক সভাপতিয়ে নতুন সদস্যসকলক আদৰণি জনায়। আগন্তুক নিৰ্বাচনৰ প্ৰস্তুতিৰ অংশ হিচাপে দলটোৱে সাংগঠনিক শক্তি বৃদ্ধি কৰিছে। বিভিন্ন দলৰ কেইবাজনো নেতাই বিজেপিত যোগদান কৰাৰ সিদ্ধান্ত লৈছে। দলৰ ৰাজ্যিক সভাপতিয়ে নতুন সদস্যসকলক আদৰণি জনায়। আগন্তুক নিৰ্বাচনৰ প্ৰস্তুতিৰ অংশ হিচাপে দলটোৱে সাংগঠনিক শক্তি বৃদ্ধি কৰিছে। বিভিন্ন দলৰ কেইবাজনো নেতাই বিজেপিত যোগদান কৰাৰ সিদ্ধান্ত লৈছে। দলৰ ৰাজ্যিক সভাপতিয়ে নতুন সদস্যসকলক আদৰণি জনায়। আগন্তুক নিৰ্বাচনৰ প্ৰস্তুতিৰ অংশ হিচাপে দলটোৱে সাংগঠনিক শক্তি বৃদ্ধি কৰিছে। বিভিন্ন দলৰ কেইবাজনো নেতাই বিজেপিত যোগদান কৰাৰ সিদ্ধান্ত লৈছে। দলৰ ৰাজ্যিক সভাপতিয়ে নতুন সদস্যসকলক আদৰণি জনায়। আগন্তুক নিৰ্বাচনৰ প্ৰস্তুতিৰ অংশ হিচাপে দলটোৱে সাংগঠনিক শক্তি বৃদ্ধি কৰিছে। বিভিন্ন দলৰ কেইবাজনো নেতাই বিজেপিত যোগদান কৰাৰ সিদ্ধান্ত লৈছে। দলৰ ৰাজ্যিক সভাপতিয়ে নতুন সদস্যসকলক আদৰণি জনায়। আগন্তুক নিৰ্বাচনৰ প্ৰস্তুতিৰ অংশ হিচাপে দলটোৱে সাংগঠনিক শক্তি বৃদ্ধি কৰিছে। বিভিন্ন দলৰ কেইবাজনো নেতাই বিজেপিত যোগদান কৰাৰ সিদ্ধান্ত লৈছে। দলৰ ৰাজ্যিক সভাপতিয়ে নতুন সদস্যসকলক আদৰণি জনায়। আগন্তুক নিৰ্বাচনৰ প্ৰস্তুতিৰ অংশ হিচাপে দলটোৱে সাংগঠনিক শক্তি বৃদ্ধি কৰিছে। বিভিন্ন দলৰ কেইবাজনো নেতাই বিজেপিত যোগদান কৰাৰ সিদ্ধান্ত লৈছে। দলৰ ৰাজ্যিক সভাপতিয়ে নতুন সদস্যসকলক আদৰণি জনায়। আগন্তুক নিৰ্বাচনৰ প্ৰস্তুতিৰ অংশ হিচাপে দলটোৱে সাংগঠনিক শক্তি বৃদ্ধি কৰিছে। বিভিন্ন দলৰ কেইবাজনো নেতাই বিজেপিত যোগদান কৰাৰ সিদ্ধান্ত লৈছে। দলৰ ৰাজ্যিক সভাপতিয়ে নতুন সদস্যসকলক আদৰণি জনায়। আগন্তুক নিৰ্বাচনৰ প্ৰস্তুতিৰ অংশ হিচাপে দলটোৱে সাংগঠনিক শক্তি বৃদ্ধি কৰিছে। বিভিন্ন দলৰ কেইবাজনো নেতাই বিজেপিত যোগদান কৰাৰ সিদ্ধান্ত লৈছে। দলৰ ৰাজ্যিক সভাপতিয়ে নতুন সদস্যসকলক আদৰণি জনায়। আগন্তুক নিৰ্বাচনৰ প্ৰস্তুতিৰ অংশ হিচাপে দলটোৱে সাংগঠনিক শক্তি বৃদ্ধি কৰিছে। বিভিন্ন দলৰ কেইবাজনো নেতাই বিজেপিত যোগদান কৰাৰ সিদ্ধান্ত লৈছে। দলৰ ৰাজ্যিক সভাপতিয়ে নতুন সদস্যসকলক আদৰণি জনায়। আগন্তুক নিৰ্বাচনৰ প্ৰস্তুতিৰ অংশ হিচাপে দলটোৱে সাংগঠনিক শক্তি বৃদ্ধি কৰিছে। বিভিন্ন দলৰ কেইবাজনো নেতাই বিজেপিত যোগদান কৰাৰ সিদ্ধান্ত লৈছে। দলৰ ৰাজ্যিক সভাপতিয়ে নতুন সদস্যসকলক আদৰণি জনায়। আগন্তুক নিৰ্বাচনৰ প্ৰস্তুতিৰ অংশ হিচাপে দলটোৱে সাংগঠনিক শক্তি বৃদ্ধি কৰিছে। বিভিন্ন দলৰ কেইবাজনো নেতাই বিজেপিত যোগদান কৰাৰ সিদ্ধান্ত লৈছে। দলৰ ৰাজ্যিক সভাপতিয়ে নতুন সদস্যসকলক আদৰণি জনায়। আগন্তুক নিৰ্বাচনৰ প্ৰস্তুতিৰ অংশ হিচাপে দলটোৱে সাংগঠনিক শক্তি বৃদ্ধি কৰিছে। বিভিন্ন দলৰ কেইবাজনো নেতাই বিজেপিত যোগদান কৰাৰ সিদ্ধান্ত লৈছে। দলৰ ৰাজ্যিক সভাপতিয়ে নতুন সদস্যসকলক আদৰণি জনায়। আগন্তুক নিৰ্বাচনৰ প্ৰস্তুতিৰ অংশ হিচাপে দলটোৱে সাংগঠনিক শক্তি বৃদ্ধি কৰিছে। বিভিন্ন দলৰ কেইবাজনো নেতাই বিজেপিত যোগদান কৰাৰ সিদ্ধান্ত লৈছে। দলৰ ৰাজ্যিক সভাপতিয়ে নতুন সদস্যসকলক আদৰণি জনায়। আগন্তুক নিৰ্বাচনৰ প্ৰস্তুতিৰ অংশ হিচাপে দলটোৱে সাংগঠনিক শক্তি বৃদ্ধি কৰিছে। বিভিন্ন দলৰ কেইবাজনো নেতাই বিজেপিত যোগদান কৰাৰ সিদ্ধান্ত লৈছে। দলৰ ৰাজ্যিক সভাপতিয়ে নতুন সদস্যসকলক আদৰণি জনায়। আগন্তুক নিৰ্বাচনৰ প্ৰস্তুতিৰ অংশ হিচাপে দলটোৱে সাংগঠনিক শক্তি বৃদ্ধি কৰিছে। বিভিন্ন দলৰ কেইবাজনো নেতাই বিজেপিত যোগদান কৰাৰ সিদ্ধান্ত লৈছে। দলৰ ৰাজ্যিক সভাপতিয়ে নতুন সদস্যসকলক আদৰণি জনায়। আগন্তুক নিৰ্বাচনৰ প্ৰস্তুতিৰ অংশ হিচাপে দলটোৱে সাংগঠনিক শক্তি বৃদ্ধি কৰিছে। বিভিন্ন দলৰ কেইবাজনো নেতাই বিজেপিত যোগদান কৰাৰ সিদ্ধান্ত লৈছে। দলৰ ৰাজ্যিক সভাপতিয়ে নতুন সদস্যসকলক আদৰণি জনায়। আগন্তুক নিৰ্বাচনৰ প্ৰস্তুতিৰ অংশ হিচাপে দলটোৱে সাংগঠনিক শক্তি বৃদ্ধি কৰিছে।
দেশী-বিদেশী বিনিয়োগকাৰীৰ
অসম বিনিয়োগ সন্মিলনত দেশী-বিদেশী বিনিয়োগকাৰীসকলে বৃহৎ পৰিমাণৰ বিনিয়োগৰ প্ৰতিশ্ৰুতি দিয়ে। শক্তি, পৰ্যটন, কৃষি আৰু প্ৰযুক্তি খণ্ডত বিনিয়োগৰ বাবে বুজাবুজি চুক্তি স্বাক্ষৰিত হয়। ৰাজ্যৰ অৰ্থনীতি শক্তিশালী কৰাৰ ক্ষেত্ৰত এই বিনিয়োগ গুৰুত্বপূৰ্ণ হ'ব। অসম বিনিয়োগ সন্মিলনত দেশী-বিদেশী বিনিয়োগকাৰীসকলে বৃহৎ পৰিমাণৰ বিনিয়োগৰ প্ৰতিশ্ৰুতি দিয়ে। শক্তি, পৰ্যটন, কৃষি আৰু প্ৰযুক্তি খণ্ডত বিনিয়োগৰ বাবে বুজাবুজি চুক্তি স্বাক্ষৰিত হয়। ৰাজ্যৰ অৰ্থনীতি শক্তিশালী কৰাৰ ক্ষেত্ৰত এই বিনিয়োগ গুৰুত্বপূৰ্ণ হ'ব। অসম বিনিয়োগ সন্মিলনত দেশী-বিদেশী বিনিয়োগকাৰীসকলে বৃহৎ পৰিমাণৰ বিনিয়োগৰ প্ৰতিশ্ৰুতি দিয়ে। শক্তি, পৰ্যটন, কৃষি আৰু প্ৰযুক্তি খণ্ডত বিনিয়োগৰ বাবে বুজাবুজি চুক্তি স্বাক্ষৰিত হয়। ৰাজ্যৰ অৰ্থনীতি শক্তিশালী কৰাৰ ক্ষেত্ৰত এই বিনিয়োগ গুৰুত্বপূৰ্ণ হ'ব। অসম বিনিয়োগ সন্মিলনত দেশী-বিদেশী বিনিয়োগকাৰীসকলে বৃহৎ পৰিমাণৰ বিনিয়োগৰ প্ৰতিশ্ৰুতি দিয়ে। শক্তি, পৰ্যটন, কৃষি আৰু প্ৰযুক্তি খণ্ডত বিনিয়োগৰ বাবে বুজাবুজি চুক্তি স্বাক্ষৰিত হয়। ৰাজ্যৰ অৰ্থনীতি শক্তিশালী কৰাৰ ক্ষেত্ৰত এই বিনিয়োগ গুৰুত্বপূৰ্ণ হ'ব। অসম বিনিয়োগ সন্মিলনত দেশী-বিদেশী বিনিয়োগকাৰীসকলে বৃহৎ পৰিমাণৰ বিনিয়োগৰ প্ৰতিশ্ৰুতি দিয়ে। শক্তি, পৰ্যটন, কৃষি আৰু প্ৰযুক্তি খণ্ডত বিনিয়োগৰ বাবে বুজাবুজি চুক্তি স্বাক্ষৰিত হয়। ৰাজ্যৰ অৰ্থনীতি শক্তিশালী কৰাৰ ক্ষেত্ৰত এই বিনিয়োগ গুৰুত্বপূৰ্ণ হ'ব। অসম বিনিয়োগ সন্মিলনত দেশী-বিদেশী বিনিয়োগকাৰীসকলে বৃহৎ পৰিমাণৰ বিনিয়োগৰ প্ৰতিশ্ৰুতি দিয়ে। শক্তি, পৰ্যটন, কৃষি আৰু প্ৰযুক্তি খণ্ডত বিনিয়োগৰ বাবে বুজাবুজি চুক্তি স্বাক্ষৰিত হয়। ৰাজ্যৰ অৰ্থনীতি শক্তিশালী কৰাৰ ক্ষেত্ৰত এই বিনিয়োগ গুৰুত্বপূৰ্ণ হ'ব। অসম বিনিয়োগ সন্মিলনত দেশী-বিদেশী বিনিয়োগকাৰীসকলে বৃহৎ পৰিমাণৰ বিনিয়োগৰ প্ৰতিশ্ৰুতি দিয়ে। শক্তি, পৰ্যটন, কৃষি আৰু প্ৰযুক্তি খণ্ডত বিনিয়োগৰ বাবে বুজাবুজি চুক্তি স্বাক্ষৰিত হয়। ৰাজ্যৰ অৰ্থনীতি শক্তিশালী কৰাৰ ক্ষেত্ৰত এই বিনিয়োগ গুৰুত্বপূৰ্ণ হ'ব। অসম বিনিয়োগ সন্মিলনত দেশী-বিদেশী বিনিয়োগকাৰীসকলে বৃহৎ পৰিমাণৰ বিনিয়োগৰ প্ৰতিশ্ৰুতি দিয়ে। শক্তি, পৰ্যটন, কৃষি আৰু প্ৰযুক্তি খণ্ডত বিনিয়োগৰ বাবে বুজাবুজি চুক্তি স্বাক্ষৰিত হয়। ৰাজ্যৰ অৰ্থনীতি শক্তিশালী কৰাৰ ক্ষেত্ৰত এই বিনিয়োগ গুৰুত্বপূৰ্ণ হ'ব। অসম বিনিয়োগ সন্মিলনত দেশী-বিদেশী বিনিয়োগকাৰীসকলে বৃহৎ পৰিমাণৰ বিনিয়োগৰ প্ৰতিশ্ৰুতি দিয়ে। শক্তি, পৰ্যটন, কৃষি আৰু প্ৰযুক্তি খণ্ডত বিনিয়োগৰ বাবে বুজাবুজি চুক্তি স্বাক্ষৰিত হয়। ৰাজ্যৰ অৰ্থনীতি শক্তিশালী কৰাৰ ক্ষেত্ৰত এই বিনিয়োগ গুৰুত্বপূৰ্ণ হ'ব। অসম বিনিয়োগ সন্মিলনত দেশী-বিদেশী বিনিয়োগকাৰীসকলে বৃহৎ পৰিমাণৰ বিনিয়োগৰ প্ৰতিশ্ৰুতি দিয়ে। শক্তি, পৰ্যটন, কৃষি আৰু প্ৰযুক্তি খণ্ডত বিনিয়োগৰ বাবে বুজাবুজি চুক্তি স্বাক্ষৰিত হয়। ৰাজ্যৰ অৰ্থনীতি শক্তিশালী কৰাৰ ক্ষেত্ৰত এই বিনিয়োগ গুৰুত্বপূৰ্ণ হ'ব। অসম বিনিয়োগ সন্মিলনত দেশী-বিদেশী বিনিয়োগকাৰীসকলে বৃহৎ পৰিমাণৰ বিনিয়োগৰ প্ৰতিশ্ৰুতি দিয়ে। শক্তি, পৰ্যটন, কৃষি আৰু প্ৰযুক্তি খণ্ডত বিনিয়োগৰ বাবে বুজাবুজি চুক্তি স্বাক্ষৰিত হয়। ৰাজ্যৰ অৰ্থনীতি শক্তিশালী কৰাৰ ক্ষেত্ৰত এই বিনিয়োগ গুৰুত্বপূৰ্ণ হ'ব। অসম বিনিয়োগ সন্মিলনত দেশী-বিদেশী বিনিয়োগকাৰীসকলে বৃহৎ পৰিমাণৰ বিনিয়োগৰ প্ৰতিশ্ৰুতি দিয়ে। শক্তি, পৰ্যটন, কৃষি আৰু প্ৰযুক্তি খণ্ডত বিনিয়োগৰ বাবে বুজাবুজি চুক্তি স্বাক্ষৰিত হয়। ৰাজ্যৰ অৰ্থনীতি শক্তিশালী কৰাৰ ক্ষেত্ৰত এই বিনিয়োগ গুৰুত্বপূৰ্ণ হ'ব। অসম বিনিয়োগ সন্মিলনত দেশী-বিদেশী বিনিয়োগকাৰীসকলে বৃহৎ পৰিমাণৰ বিনিয়োগৰ প্ৰতিশ্ৰুতি দিয়ে। শক্তি, পৰ্যটন, কৃষি আৰু প্ৰযুক্তি খণ্ডত বিনিয়োগৰ বাবে বুজাবুজি চুক্তি স্বাক্ষৰিত হয়। ৰাজ্যৰ অৰ্থনীতি শক্তিশালী কৰাৰ ক্ষেত্ৰত এই বিনিয়োগ গুৰুত্বপূৰ্ণ হ'ব। অসম বিনিয়োগ সন্মিলনত দেশী-বিদেশী বিনিয়োগকাৰীসকলে বৃহৎ পৰিমাণৰ বিনিয়োগৰ প্ৰতিশ্ৰুতি দিয়ে। শক্তি, পৰ্যটন, কৃষি আৰু প্ৰযুক্তি খণ্ডত বিনিয়োগৰ বাবে বুজাবুজি চুক্তি স্বাক্ষৰিত হয়। ৰাজ্যৰ অৰ্থনীতি শক্তিশালী কৰাৰ ক্ষেত্ৰত এই বিনিয়োগ গুৰুত্বপূৰ্ণ হ'ব। অসম বিনিয়োগ সন্মিলনত দেশী-বিদেশী বিনিয়োগকাৰীসকলে বৃহৎ পৰিমাণৰ বিনিয়োগৰ প্ৰতিশ্ৰুতি দিয়ে। শক্তি, পৰ্যটন, কৃষি আৰু প্ৰযুক্তি খণ্ডত বিনিয়োগৰ বাবে বুজাবুজি চুক্তি স্বাক্ষৰিত হয়। ৰাজ্যৰ অৰ্থনীতি শক্তিশালী কৰাৰ ক্ষেত্ৰত এই বিনিয়োগ গুৰুত্বপূৰ্ণ হ'ব। অসম বিনিয়োগ সন্মিলনত দেশী-বিদেশী বিনিয়োগকাৰীসকলে বৃহৎ পৰিমাণৰ বিনিয়োগৰ প্ৰতিশ্ৰুতি দিয়ে। শক্তি, পৰ্যটন, কৃষি আৰু প্ৰযুক্তি খণ্ডত বিনিয়োগৰ বাবে বুজাবুজি চুক্তি স্বাক্ষৰিত হয়। ৰাজ্যৰ অৰ্থনীতি শক্তিশালী কৰাৰ ক্ষেত্ৰত এই বিনিয়োগ গুৰুত্বপূৰ্ণ হ'ব। অসম বিনিয়োগ সন্মিলনত দেশী-বিদেশী বিনিয়োগকাৰীসকলে বৃহৎ পৰিমাণৰ বিনিয়োগৰ প্ৰতিশ্ৰুতি দিয়ে। শক্তি, পৰ্যটন, কৃষি আৰু প্ৰযুক্তি খণ্ডত বিনিয়োগৰ বাবে বুজাবুজি চুক্তি স্বাক্ষৰিত হয়। ৰাজ্যৰ অৰ্থনীতি শক্তিশালী কৰাৰ ক্ষেত্ৰত এই বিনিয়োগ গুৰুত্বপূৰ্ণ হ'ব। অসম বিনিয়োগ সন্মিলনত দেশী-বিদেশী বিনিয়োগকাৰীসকলে বৃহৎ পৰিমাণৰ বিনিয়োগৰ প্ৰতিশ্ৰুতি দিয়ে। শক্তি, পৰ্যটন, কৃষি আৰু প্ৰযুক্তি খণ্ডত বিনিয়োগৰ বাবে বুজাবুজি চুক্তি স্বাক্ষৰিত হয়। ৰাজ্যৰ অৰ্থনীতি শক্তিশালী কৰাৰ ক্ষেত্ৰত এই বিনিয়োগ গুৰুত্বপূৰ্ণ হ'ব।
চৰস্থু চুক্তিত ২০,৫৫ কোটি
বিনিয়োগ চুক্তিৰ অধীনত বৃহৎ পৰিমাণৰ অৰ্থ ৰাজ্যলৈ আহিব। বিনিয়োগ চুক্তিৰ অধীনত বৃহৎ পৰিমাণৰ অৰ্থ ৰাজ্যলৈ আহিব।
আন্তঃৰাষ্ট্ৰীয় চক্ৰান্ত ধংস
আৰক্ষীয়ে এক বৃহৎ আন্তঃৰাষ্ট্ৰীয় চক্ৰ ভংগ কৰি কেইবাজনকো গ্ৰেপ্তাৰ কৰে। গোপন সূত্ৰৰ ভিত্তিত অভিযান চলাই বিপুল পৰিমাণৰ সামগ্ৰী জব্দ কৰা হয়। তদন্ত অব্যাহত আছে আৰু আন জড়িতসকলৰ সন্ধান চলোৱা হৈছে। আৰক্ষীয়ে এক বৃহৎ আন্তঃৰাষ্ট্ৰীয় চক্ৰ ভংগ কৰি কেইবাজনকো গ্ৰেপ্তাৰ কৰে। গোপন সূত্ৰৰ ভিত্তিত অভিযান চলাই বিপুল পৰিমাণৰ সামগ্ৰী জব্দ কৰা হয়। তদন্ত অব্যাহত আছে আৰু আন জড়িতসকলৰ সন্ধান চলোৱা হৈছে। আৰক্ষীয়ে এক বৃহৎ আন্তঃৰাষ্ট্ৰীয় চক্ৰ ভংগ কৰি কেইবাজনকো গ্ৰেপ্তাৰ কৰে। গোপন সূত্ৰৰ ভিত্তিত অভিযান চলাই বিপুল পৰিমাণৰ সামগ্ৰী জব্দ কৰা হয়। তদন্ত অব্যাহত আছে আৰু আন জড়িতসকলৰ সন্ধান চলোৱা হৈছে। আৰক্ষীয়ে এক বৃহৎ আন্তঃৰাষ্ট্ৰীয় চক্ৰ ভংগ কৰি কেইবাজনকো গ্ৰেপ্তাৰ কৰে। গোপন সূত্ৰৰ ভিত্তিত অভিযান চলাই বিপুল পৰিমাণৰ সামগ্ৰী জব্দ কৰা হয়। তদন্ত অব্যাহত আছে আৰু আন জড়িতসকলৰ সন্ধান চলোৱা হৈছে। আৰক্ষীয়ে এক বৃহৎ আন্তঃৰাষ্ট্ৰীয় চক্ৰ ভংগ কৰি কেইবাজনকো গ্ৰেপ্তাৰ কৰে। গোপন সূত্ৰৰ ভিত্তিত অভিযান চলাই বিপুল পৰিমাণৰ সামগ্ৰী জব্দ কৰা হয়। তদন্ত অব্যাহত আছে আৰু আন জড়িতসকলৰ সন্ধান চলোৱা হৈছে। আৰক্ষীয়ে এক বৃহৎ আন্তঃৰাষ্ট্ৰীয় চক্ৰ ভংগ কৰি কেইবাজনকো গ্ৰেপ্তাৰ কৰে। গোপন সূত্ৰৰ ভিত্তিত অভিযান চলাই বিপুল পৰিমাণৰ সামগ্ৰী জব্দ কৰা হয়। তদন্ত অব্যাহত আছে আৰু আন জড়িতসকলৰ সন্ধান চলোৱা হৈছে। আৰক্ষীয়ে এক বৃহৎ আন্তঃৰাষ্ট্ৰীয় চক্ৰ ভংগ কৰি কেইবাজনকো গ্ৰেপ্তাৰ কৰে। গোপন সূত্ৰৰ ভিত্তিত অভিযান চলাই বিপুল পৰিমাণৰ সামগ্ৰী জব্দ কৰা হয়। তদন্ত অব্যাহত আছে আৰু আন জড়িতসকলৰ সন্ধান চলোৱা হৈছে। আৰক্ষীয়ে এক বৃহৎ আন্তঃৰাষ্ট্ৰীয় চক্ৰ ভংগ কৰি কেইবাজনকো গ্ৰেপ্তাৰ কৰে। গোপন সূত্ৰৰ ভিত্তিত অভিযান চলাই বিপুল পৰিমাণৰ সামগ্ৰী জব্দ কৰা হয়। তদন্ত অব্যাহত আছে আৰু আন জড়িতসকলৰ সন্ধান চলোৱা হৈছে। আৰক্ষীয়ে এক বৃহৎ আন্তঃৰাষ্ট্ৰীয় চক্ৰ ভংগ কৰি কেইবাজনকো গ্ৰেপ্তাৰ কৰে। গোপন সূত্ৰৰ ভিত্তিত অভিযান চলাই বিপুল পৰিমাণৰ সামগ্ৰী জব্দ কৰা হয়। তদন্ত অব্যাহত আছে আৰু আন জড়িতসকলৰ সন্ধান চলোৱা হৈছে। আৰক্ষীয়ে এক বৃহৎ আন্তঃৰাষ্ট্ৰীয় চক্ৰ ভংগ কৰি কেইবাজনকো গ্ৰেপ্তাৰ কৰে। গোপন সূত্ৰৰ ভিত্তিত অভিযান চলাই বিপুল পৰিমাণৰ সামগ্ৰী জব্দ কৰা হয়। তদন্ত অব্যাহত আছে আৰু আন জড়িতসকলৰ সন্ধান চলোৱা হৈছে। আৰক্ষীয়ে এক বৃহৎ আন্তঃৰাষ্ট্ৰীয় চক্ৰ ভংগ কৰি কেইবাজনকো গ্ৰেপ্তাৰ কৰে। গোপন সূত্ৰৰ ভিত্তিত অভিযান চলাই বিপুল পৰিমাণৰ সামগ্ৰী জব্দ কৰা হয়। তদন্ত অব্যাহত আছে আৰু আন জড়িতসকলৰ সন্ধান চলোৱা হৈছে। আৰক্ষীয়ে এক বৃহৎ আন্তঃৰাষ্ট্ৰীয় চক্ৰ ভংগ কৰি কেইবাজনকো গ্ৰেপ্তাৰ কৰে। গোপন সূত্ৰৰ ভিত্তিত অভিযান চলাই বিপুল পৰিমাণৰ সামগ্ৰী জব্দ কৰা হয়। তদন্ত অব্যাহত আছে আৰু আন জড়িতসকলৰ সন্ধান চলোৱা হৈছে। আৰক্ষীয়ে এক বৃহৎ আন্তঃৰাষ্ট্ৰীয় চক্ৰ ভংগ কৰি কেইবাজনকো গ্ৰেপ্তাৰ কৰে। গোপন সূত্ৰৰ ভিত্তিত অভিযান চলাই বিপুল পৰিমাণৰ সামগ্ৰী জব্দ কৰা হয়। তদন্ত অব্যাহত আছে আৰু আন জড়িতসকলৰ সন্ধান চলোৱা হৈছে। আৰক্ষীয়ে এক বৃহৎ আন্তঃৰাষ্ট্ৰীয় চক্ৰ ভংগ কৰি কেইবাজনকো গ্ৰেপ্তাৰ কৰে। গোপন সূত্ৰৰ ভিত্তিত অভিযান চলাই বিপুল পৰিমাণৰ সামগ্ৰী জব্দ কৰা হয়। তদন্ত অব্যাহত আছে আৰু আন জড়িতসকলৰ সন্ধান চলোৱা হৈছে। আৰক্ষীয়ে এক বৃহৎ আন্তঃৰাষ্ট্ৰীয় চক্ৰ ভংগ কৰি কেইবাজনকো গ্ৰেপ্তাৰ কৰে। গোপন সূত্ৰৰ ভিত্তিত অভিযান চলাই বিপুল পৰিমাণৰ সামগ্ৰী জব্দ কৰা হয়। তদন্ত অব্যাহত আছে আৰু আন জড়িতসকলৰ সন্ধান চলোৱা হৈছে। আৰক্ষীয়ে এক বৃহৎ আন্তঃৰাষ্ট্ৰীয় চক্ৰ ভংগ কৰি কেইবাজনকো গ্ৰেপ্তাৰ কৰে। গোপন সূত্ৰৰ ভিত্তিত অভিযান চলাই বিপুল পৰিমাণৰ সামগ্ৰী জব্দ কৰা হয়। তদন্ত অব্যাহত আছে আৰু আন জড়িতসকলৰ সন্ধান চলোৱা হৈছে। আৰক্ষীয়ে এক বৃহৎ আন্তঃৰাষ্ট্ৰীয় চক্ৰ ভংগ কৰি কেইবাজনকো গ্ৰেপ্তাৰ কৰে। গোপন সূত্ৰৰ ভিত্তিত অভিযান চলাই বিপুল পৰিমাণৰ সামগ্ৰী জব্দ কৰা হয়। তদন্ত অব্যাহত আছে আৰু আন জড়িতসকলৰ সন্ধান চলোৱা হৈছে। আৰক্ষীয়ে এক বৃহৎ আন্তঃৰাষ্ট্ৰীয় চক্ৰ ভংগ কৰি কেইবাজনকো গ্ৰেপ্তাৰ কৰে। গোপন সূত্ৰৰ ভিত্তিত অভিযান চলাই বিপুল পৰিমাণৰ সামগ্ৰী জব্দ কৰা হয়। তদন্ত অব্যাহত আছে আৰু আন জড়িতসকলৰ সন্ধান চলোৱা হৈছে। আৰক্ষীয়ে এক বৃহৎ আন্তঃৰাষ্ট্ৰীয় চক্ৰ ভংগ কৰি কেইবাজনকো গ্ৰেপ্তাৰ কৰে। গোপন সূত্ৰৰ ভিত্তিত অভিযান চলাই বিপুল পৰিমাণৰ সামগ্ৰী জব্দ কৰা হয়। তদন্ত অব্যাহত আছে আৰু আন জড়িতসকলৰ সন্ধান চলোৱা হৈছে। আৰক্ষীয়ে এক বৃহৎ আন্তঃৰাষ্ট্ৰীয় চক্ৰ ভংগ কৰি কেইবাজনকো গ্ৰেপ্তাৰ কৰে। গোপন সূত্ৰৰ ভিত্তিত অভিযান চলাই বিপুল পৰিমাণৰ সামগ্ৰী জব্দ কৰা হয়। তদন্ত অব্যাহত আছে আৰু আন জড়িতসকলৰ সন্ধান চলোৱা হৈছে। আৰক্ষীয়ে এক বৃহৎ আন্তঃৰাষ্ট্ৰীয় চক্ৰ ভংগ কৰি কেইবাজনকো গ্ৰেপ্তাৰ কৰে। গোপন সূত্ৰৰ ভিত্তিত অভিযান চলাই বিপুল পৰিমাণৰ সামগ্ৰী জব্দ কৰা হয়। তদন্ত অব্যাহত আছে আৰু আন জড়িতসকলৰ সন্ধান চলোৱা হৈছে। আৰক্ষীয়ে এক বৃহৎ আন্তঃৰাষ্ট্ৰীয় চক্ৰ ভংগ কৰি কেইবাজনকো গ্ৰেপ্তাৰ কৰে। গোপন সূত্ৰৰ ভিত্তিত অভিযান চলাই বিপুল পৰিমাণৰ সামগ্ৰী জব্দ কৰা হয়। তদন্ত অব্যাহত আছে আৰু আন জড়িতসকলৰ সন্ধান চলোৱা হৈছে। আৰক্ষীয়ে এক বৃহৎ আন্তঃৰাষ্ট্ৰীয় চক্ৰ ভংগ কৰি কেইবাজনকো গ্ৰেপ্তাৰ কৰে। গোপন সূত্ৰৰ ভিত্তিত অভিযান চলাই বিপুল পৰিমাণৰ সামগ্ৰী জব্দ কৰা হয়। তদন্ত অব্যাহত আছে আৰু আন জড়িতসকলৰ সন্ধান চলোৱা হৈছে। আৰক্ষীয়ে এক বৃহৎ আন্তঃৰাষ্ট্ৰীয় চক্ৰ ভংগ কৰি কেইবাজনকো গ্ৰেপ্তাৰ কৰে। গোপন সূত্ৰৰ ভিত্তিত অভিযান চলাই বিপুল পৰিমাণৰ সামগ্ৰী জব্দ কৰা হয়। তদন্ত অব্যাহত আছে আৰু আন জড়িতসকলৰ সন্ধান চলোৱা হৈছে। আৰক্ষীয়ে এক বৃহৎ আন্তঃৰাষ্ট্ৰীয় চক্ৰ ভংগ কৰি কেইবাজনকো গ্ৰেপ্তাৰ কৰে। গোপন সূত্ৰৰ ভিত্তিত অভিযান চলাই বিপুল পৰিমাণৰ সামগ্ৰী জব্দ কৰা হয়। তদন্ত অব্যাহত আছে আৰু আন জড়িতসকলৰ সন্ধান চলোৱা হৈছে। আৰক্ষীয়ে এক বৃহৎ আন্তঃৰাষ্ট্ৰীয় চক্ৰ ভংগ কৰি কেইবাজনকো গ্ৰেপ্তাৰ কৰে। গোপন সূত্ৰৰ ভিত্তিত অভিযান চলাই বিপুল পৰিমাণৰ সামগ্ৰী জব্দ কৰা হয়। তদন্ত অব্যাহত আছে আৰু আন জড়িতসকলৰ সন্ধান চলোৱা হৈছে। আৰক্ষীয়ে এক বৃহৎ আন্তঃৰাষ্ট্ৰীয় চক্ৰ ভংগ কৰি কেইবাজনকো গ্ৰেপ্তাৰ কৰে। গোপন সূত্ৰৰ ভিত্তিত অভিযান চলাই বিপুল পৰিমাণৰ সামগ্ৰী জব্দ কৰা হয়। তদন্ত অব্যাহত আছে আৰু আন জড়িতসকলৰ সন্ধান চলোৱা হৈছে। আৰক্ষীয়ে এক বৃহৎ আন্তঃৰাষ্ট্ৰীয় চক্ৰ ভংগ কৰি কেইবাজনকো গ্ৰেপ্তাৰ কৰে। গোপন সূত্ৰৰ ভিত্তিত অভিযান চলাই বিপুল পৰিমাণৰ সামগ্ৰী জব্দ কৰা হয়। তদন্ত অব্যাহত আছে আৰু আন জড়িতসকলৰ সন্ধান চলোৱা হৈছে।
সৰ্বাংশত প্ৰধানমন্ত্ৰী আৱাস
প্ৰধানমন্ত্ৰী আৱাস যোজনাৰ অধীনত হাজাৰ হাজাৰ হিতাধিকাৰীক ঘৰ প্ৰদান কৰা হৈছে। দৰিদ্ৰ পৰিয়ালসমূহে পকী ঘৰ লাভ কৰি সুৰক্ষিত জীৱন যাপন কৰিব পাৰিছে। প্ৰধানমন্ত্ৰী আৱাস যোজনাৰ অধীনত হাজাৰ হাজাৰ হিতাধিকাৰীক ঘৰ প্ৰদান কৰা হৈছে। দৰিদ্ৰ পৰিয়ালসমূহে পকী ঘৰ লাভ কৰি সুৰক্ষিত জীৱন যাপন কৰিব পাৰিছে। প্ৰধানমন্ত্ৰী আৱাস যোজনাৰ অধীনত হাজাৰ হাজাৰ হিতাধিকাৰীক ঘৰ প্ৰদান কৰা হৈছে। দৰিদ্ৰ পৰিয়ালসমূহে পকী ঘৰ লাভ কৰি সুৰক্ষিত জীৱন যাপন কৰিব পাৰিছে। প্ৰধানমন্ত্ৰী আৱাস যোজনাৰ অধীনত হাজাৰ হাজাৰ হিতাধিকাৰীক ঘৰ প্ৰদান কৰা হৈছে। দৰিদ্ৰ পৰিয়ালসমূহে পকী ঘৰ লাভ কৰি সুৰক্ষিত জীৱন যাপন কৰিব পাৰিছে। প্ৰধানমন্ত্ৰী আৱাস যোজনাৰ অধীনত হাজাৰ হাজাৰ হিতাধিকাৰীক ঘৰ প্ৰদান কৰা হৈছে। দৰিদ্ৰ পৰিয়ালসমূহে পকী ঘৰ লাভ কৰি সুৰক্ষিত জীৱন যাপন কৰিব পাৰিছে। প্ৰধানমন্ত্ৰী আৱাস যোজনাৰ অধীনত হাজাৰ হাজাৰ হিতাধিকাৰীক ঘৰ প্ৰদান কৰা হৈছে। দৰিদ্ৰ পৰিয়ালসমূহে পকী ঘৰ লাভ কৰি সুৰক্ষিত জীৱন যাপন কৰিব পাৰিছে। প্ৰধানমন্ত্ৰী আৱাস যোজনাৰ অধীনত হাজাৰ হাজাৰ হিতাধিকাৰীক ঘৰ প্ৰদান কৰা হৈছে। দৰিদ্ৰ পৰিয়ালসমূহে পকী ঘৰ লাভ কৰি সুৰক্ষিত জীৱন যাপন কৰিব পাৰিছে।
আলফা(স্বা)ৰ বহুসদস্যক অনুৰোধ কৰা
নিৰাপত্তা বাহিনীয়ে আত্মসমৰ্পণৰ বাবে আহ্বান জনায়। শান্তি আলোচনাৰ পথ মুকলি ৰখাৰ কথা চৰকাৰে জনাইছে। নিৰাপত্তা বাহিনীয়ে আত্মসমৰ্পণৰ বাবে আহ্বান জনায়। শান্তি আলোচনাৰ পথ মুকলি ৰখাৰ কথা চৰকাৰে জনাইছে। নিৰাপত্তা বাহিনীয়ে আত্মসমৰ্পণৰ বাবে আহ্বান জনায়। শান্তি আলোচনাৰ পথ মুকলি ৰখাৰ কথা চৰকাৰে জনাইছে। নিৰাপত্তা বাহিনীয়ে আত্মসমৰ্পণৰ বাবে আহ্বান জনায়। শান্তি আলোচনাৰ পথ মুকলি ৰখাৰ কথা চৰকাৰে জনাইছে।
